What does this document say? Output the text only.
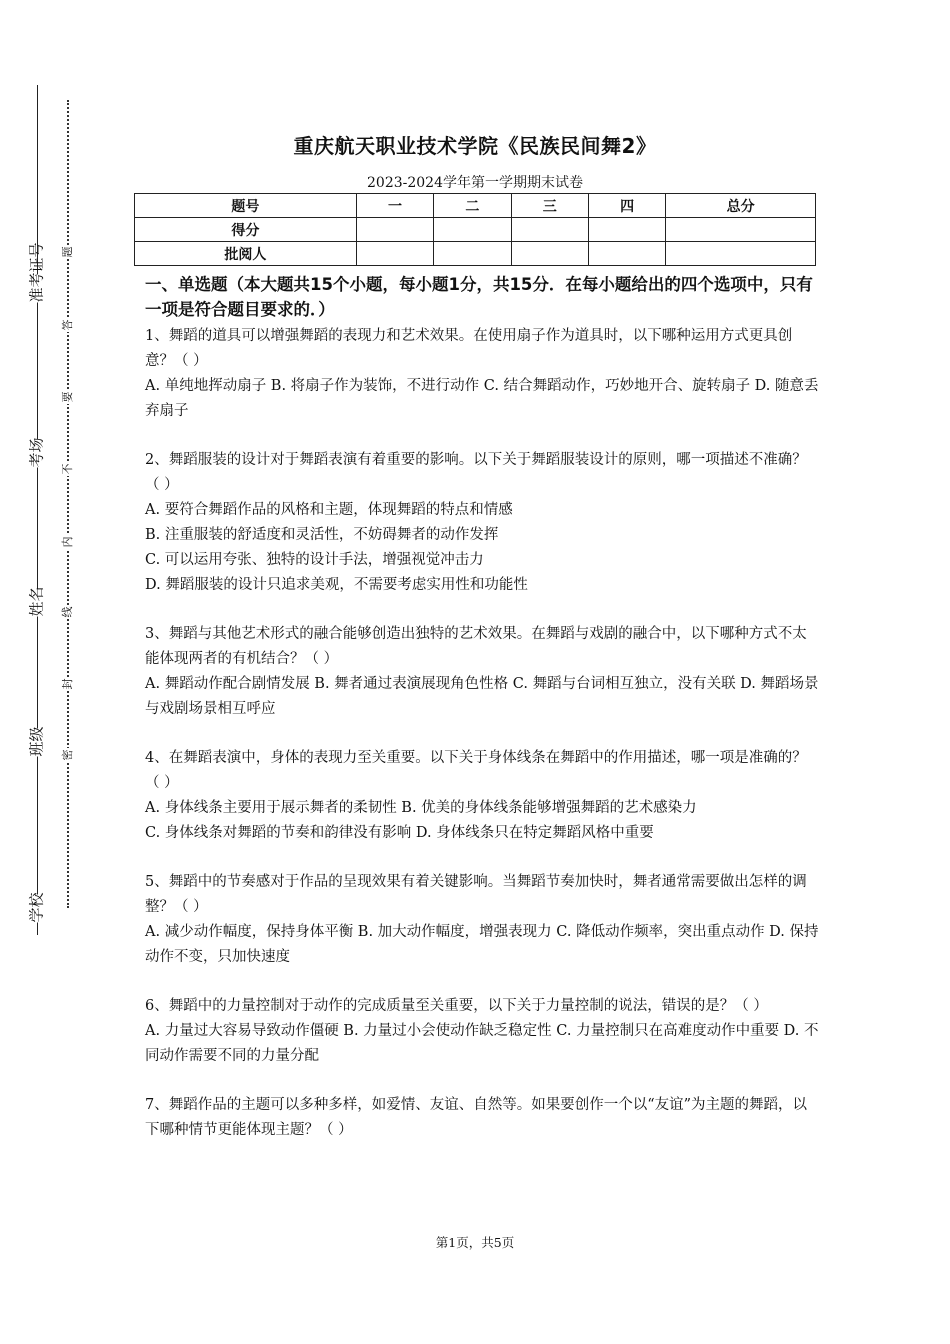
准考证号
考场
姓名
班级
学校
题
答
要
不
内
线
封
密
重庆航天职业技术学院《民族民间舞2》
2023-2024学年第一学期期末试卷
题号	一	二	三	四	总分
得分					
批阅人					
一、单选题（本大题共15个小题，每小题1分，共15分．在每小题给出的四个选项中，只有一项是符合题目要求的．）

1、舞蹈的道具可以增强舞蹈的表现力和艺术效果。在使用扇子作为道具时，以下哪种运用方式更具创意？（ ）

A. 单纯地挥动扇子 B. 将扇子作为装饰，不进行动作 C. 结合舞蹈动作，巧妙地开合、旋转扇子 D. 随意丢弃扇子

2、舞蹈服装的设计对于舞蹈表演有着重要的影响。以下关于舞蹈服装设计的原则，哪一项描述不准确？（ ）

A. 要符合舞蹈作品的风格和主题，体现舞蹈的特点和情感

B. 注重服装的舒适度和灵活性，不妨碍舞者的动作发挥

C. 可以运用夸张、独特的设计手法，增强视觉冲击力

D. 舞蹈服装的设计只追求美观，不需要考虑实用性和功能性

3、舞蹈与其他艺术形式的融合能够创造出独特的艺术效果。在舞蹈与戏剧的融合中，以下哪种方式不太能体现两者的有机结合？（ ）

A. 舞蹈动作配合剧情发展 B. 舞者通过表演展现角色性格 C. 舞蹈与台词相互独立，没有关联 D. 舞蹈场景与戏剧场景相互呼应

4、在舞蹈表演中，身体的表现力至关重要。以下关于身体线条在舞蹈中的作用描述，哪一项是准确的？（ ）

A. 身体线条主要用于展示舞者的柔韧性 B. 优美的身体线条能够增强舞蹈的艺术感染力

C. 身体线条对舞蹈的节奏和韵律没有影响 D. 身体线条只在特定舞蹈风格中重要

5、舞蹈中的节奏感对于作品的呈现效果有着关键影响。当舞蹈节奏加快时，舞者通常需要做出怎样的调整？（ ）

A. 减少动作幅度，保持身体平衡 B. 加大动作幅度，增强表现力 C. 降低动作频率，突出重点动作 D. 保持动作不变，只加快速度

6、舞蹈中的力量控制对于动作的完成质量至关重要，以下关于力量控制的说法，错误的是？（ ）

A. 力量过大容易导致动作僵硬 B. 力量过小会使动作缺乏稳定性 C. 力量控制只在高难度动作中重要 D. 不同动作需要不同的力量分配

7、舞蹈作品的主题可以多种多样，如爱情、友谊、自然等。如果要创作一个以“友谊”为主题的舞蹈，以下哪种情节更能体现主题？（ ）

第1页，共5页
